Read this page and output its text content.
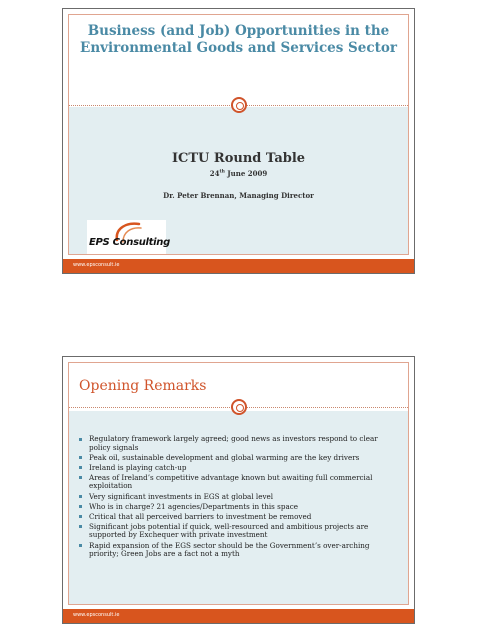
Business (and Job) Opportunities in the Environmental Goods and Services Sector
ICTU Round Table
24th June 2009
Dr. Peter Brennan, Managing Director
EPS Consulting
www.epsconsult.ie
Opening Remarks
Regulatory framework largely agreed; good news as investors respond to clear policy signals
Peak oil, sustainable development and global warming are the key drivers
Ireland is playing catch-up
Areas of Ireland’s competitive advantage known but awaiting full commercial exploitation
Very significant investments in EGS at global level
Who is in charge? 21 agencies/Departments in this space
Critical that all perceived barriers to investment be removed
Significant jobs potential if quick, well-resourced and ambitious projects are supported by Exchequer with private investment
Rapid expansion of the EGS sector should be the Government’s over-arching priority; Green Jobs are a fact not a myth
www.epsconsult.ie
